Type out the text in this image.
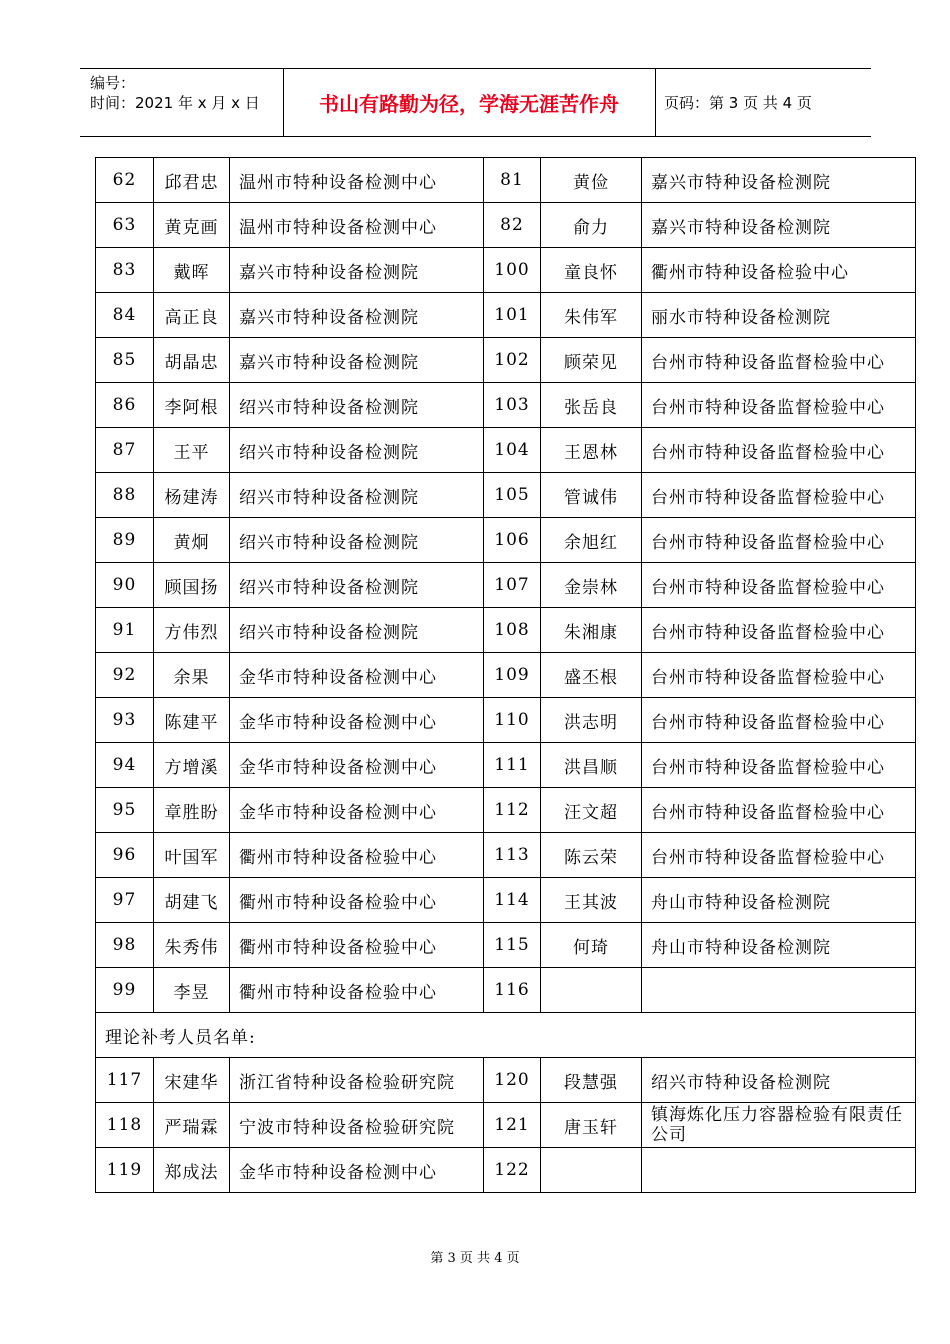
编号：
时间：2021 年 x 月 x 日	书山有路勤为径，学海无涯苦作舟	页码：第 3 页 共 4 页
62	邱君忠	温州市特种设备检测中心	81	黄俭	嘉兴市特种设备检测院
63	黄克画	温州市特种设备检测中心	82	俞力	嘉兴市特种设备检测院
83	戴晖	嘉兴市特种设备检测院	100	童良怀	衢州市特种设备检验中心
84	高正良	嘉兴市特种设备检测院	101	朱伟军	丽水市特种设备检测院
85	胡晶忠	嘉兴市特种设备检测院	102	顾荣见	台州市特种设备监督检验中心
86	李阿根	绍兴市特种设备检测院	103	张岳良	台州市特种设备监督检验中心
87	王平	绍兴市特种设备检测院	104	王恩林	台州市特种设备监督检验中心
88	杨建涛	绍兴市特种设备检测院	105	管诚伟	台州市特种设备监督检验中心
89	黄炯	绍兴市特种设备检测院	106	余旭红	台州市特种设备监督检验中心
90	顾国扬	绍兴市特种设备检测院	107	金崇林	台州市特种设备监督检验中心
91	方伟烈	绍兴市特种设备检测院	108	朱湘康	台州市特种设备监督检验中心
92	余果	金华市特种设备检测中心	109	盛丕根	台州市特种设备监督检验中心
93	陈建平	金华市特种设备检测中心	110	洪志明	台州市特种设备监督检验中心
94	方增溪	金华市特种设备检测中心	111	洪昌顺	台州市特种设备监督检验中心
95	章胜盼	金华市特种设备检测中心	112	汪文超	台州市特种设备监督检验中心
96	叶国军	衢州市特种设备检验中心	113	陈云荣	台州市特种设备监督检验中心
97	胡建飞	衢州市特种设备检验中心	114	王其波	舟山市特种设备检测院
98	朱秀伟	衢州市特种设备检验中心	115	何琦	舟山市特种设备检测院
99	李昱	衢州市特种设备检验中心	116		
理论补考人员名单:					
117	宋建华	浙江省特种设备检验研究院	120	段慧强	绍兴市特种设备检测院
118	严瑞霖	宁波市特种设备检验研究院	121	唐玉轩	镇海炼化压力容器检验有限责任公司
119	郑成法	金华市特种设备检测中心	122		
第 3 页 共 4 页
